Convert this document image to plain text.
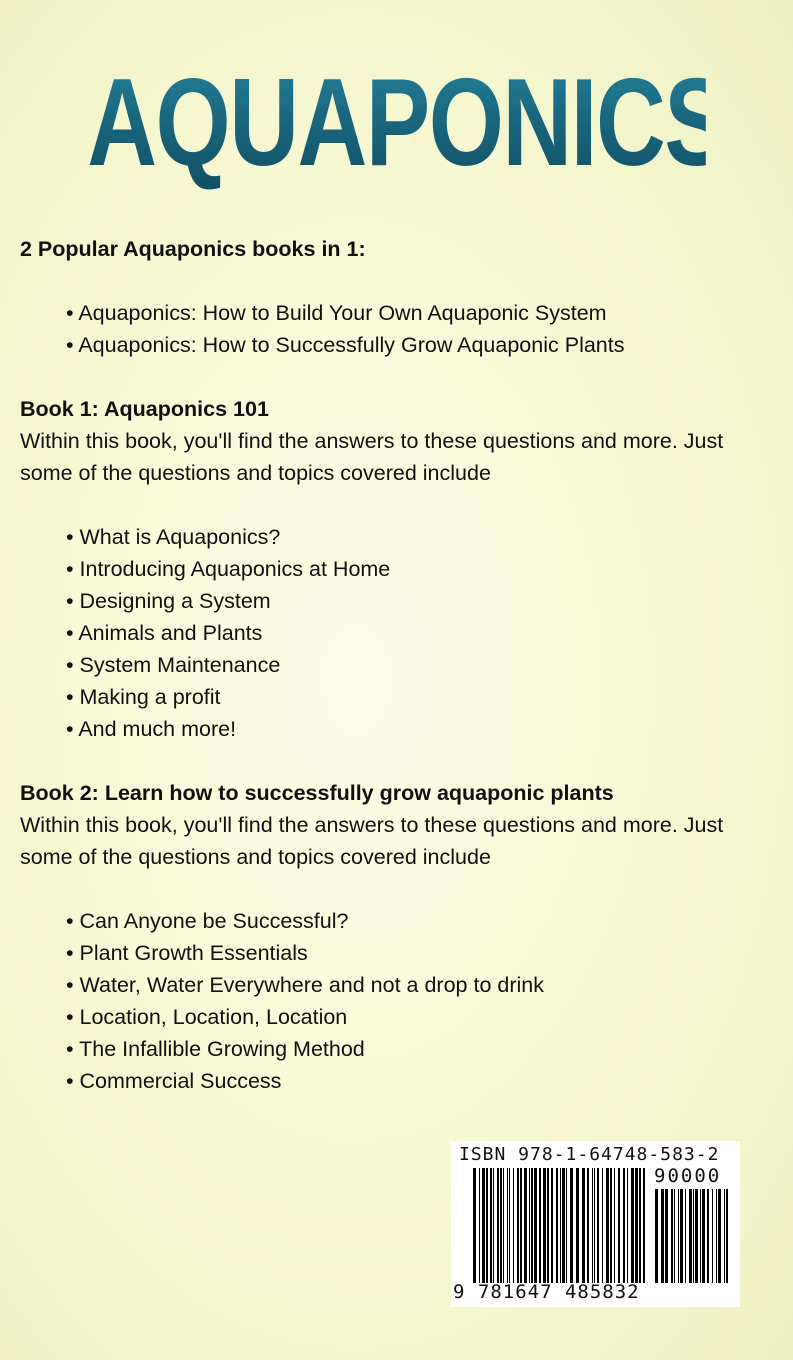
AQUAPONICS

2 Popular Aquaponics books in 1:

• Aquaponics: How to Build Your Own Aquaponic System
• Aquaponics: How to Successfully Grow Aquaponic Plants

Book 1: Aquaponics 101

Within this book, you'll find the answers to these questions and more. Just some of the questions and topics covered include

• What is Aquaponics?
• Introducing Aquaponics at Home
• Designing a System
• Animals and Plants
• System Maintenance
• Making a profit
• And much more!

Book 2: Learn how to successfully grow aquaponic plants

Within this book, you'll find the answers to these questions and more. Just some of the questions and topics covered include

• Can Anyone be Successful?
• Plant Growth Essentials
• Water, Water Everywhere and not a drop to drink
• Location, Location, Location
• The Infallible Growing Method
• Commercial Success
ISBN 978-1-64748-583-2
90000
9 781647 485832
